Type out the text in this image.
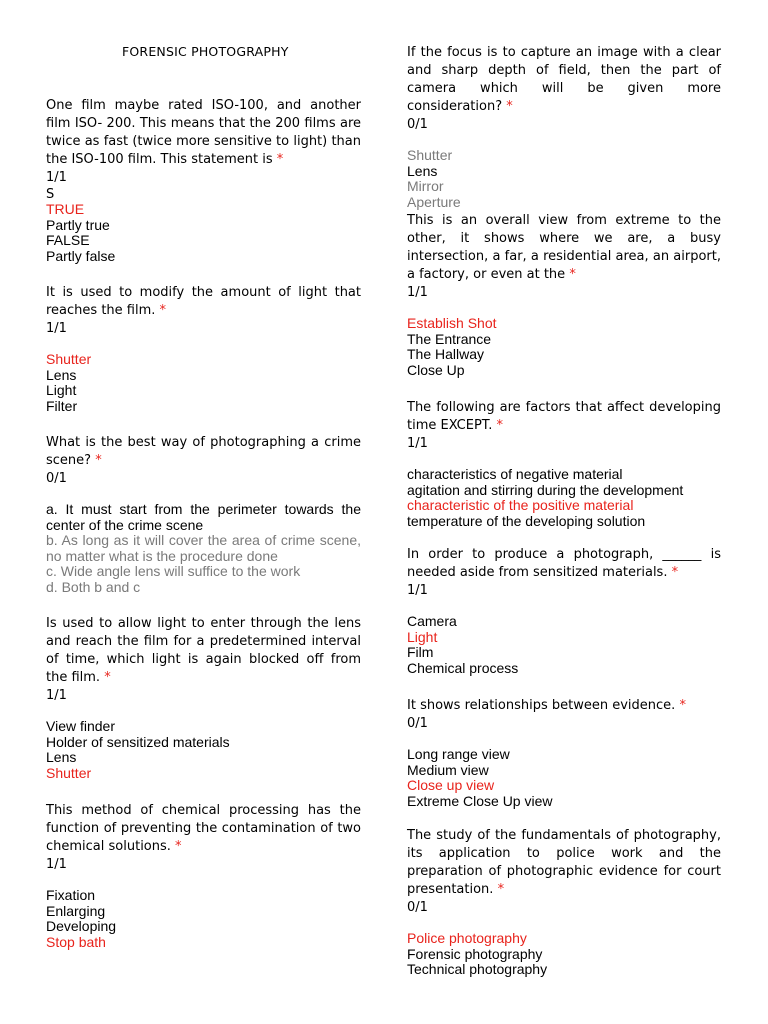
FORENSIC PHOTOGRAPHY

One film maybe rated ISO-100, and another film ISO- 200. This means that the 200 films are twice as fast (twice more sensitive to light) than the ISO-100 film. This statement is *

1/1
S
TRUE
Partly true
FALSE
Partly false

It is used to modify the amount of light that reaches the film. *

1/1
Shutter
Lens
Light
Filter

What is the best way of photographing a crime scene? *

0/1
a. It must start from the perimeter towards the center of the crime scene
b. As long as it will cover the area of crime scene, no matter what is the procedure done
c. Wide angle lens will suffice to the work
d. Both b and c

Is used to allow light to enter through the lens and reach the film for a predetermined interval of time, which light is again blocked off from the film. *

1/1
View finder
Holder of sensitized materials
Lens
Shutter

This method of chemical processing has the function of preventing the contamination of two chemical solutions. *

1/1
Fixation
Enlarging
Developing
Stop bath

If the focus is to capture an image with a clear and sharp depth of field, then the part of camera which will be given more consideration? *

0/1
Shutter
Lens
Mirror
Aperture

This is an overall view from extreme to the other, it shows where we are, a busy intersection, a far, a residential area, an airport, a factory, or even at the *

1/1
Establish Shot
The Entrance
The Hallway
Close Up

The following are factors that affect developing time EXCEPT. *

1/1
characteristics of negative material
agitation and stirring during the development
characteristic of the positive material
temperature of the developing solution

In order to produce a photograph, ______ is needed aside from sensitized materials. *

1/1
Camera
Light
Film
Chemical process

It shows relationships between evidence. *

0/1
Long range view
Medium view
Close up view
Extreme Close Up view

The study of the fundamentals of photography, its application to police work and the preparation of photographic evidence for court presentation. *

0/1
Police photography
Forensic photography
Technical photography
